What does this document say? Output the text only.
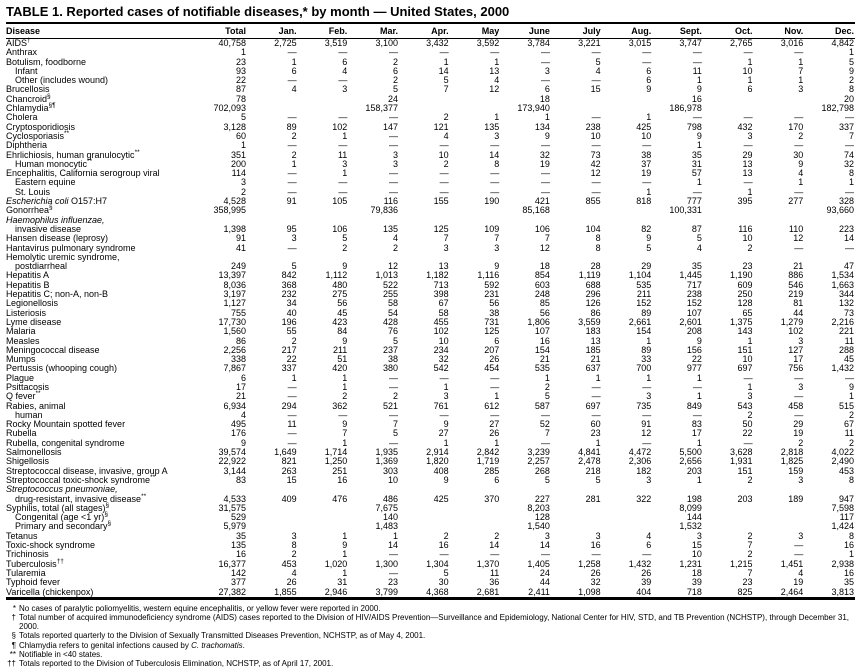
TABLE 1. Reported cases of notifiable diseases,* by month — United States, 2000
Disease	Total	Jan.	Feb.	Mar.	Apr.	May	June	July	Aug.	Sept.	Oct.	Nov.	Dec.
AIDS†	40,758	2,725	3,519	3,100	3,432	3,592	3,784	3,221	3,015	3,747	2,765	3,016	4,842
Anthrax	1	—	—	—	—	—	—	—	—	—	—	—	1
Botulism, foodborne	23	1	6	2	1	1	—	5	—	—	1	1	5
Infant	93	6	4	6	14	13	3	4	6	11	10	7	9
Other (includes wound)	22	—	—	2	5	4	—	—	6	1	1	1	2
Brucellosis	87	4	3	5	7	12	6	15	9	9	6	3	8
Chancroid§	78			24			18			16			20
Chlamydia§¶	702,093			158,377			173,940			186,978			182,798
Cholera	5	—	—	—	2	1	1	—	1	—	—	—	—
Cryptosporidiosis	3,128	89	102	147	121	135	134	238	425	798	432	170	337
Cyclosporiasis**	60	2	1	—	4	3	9	10	10	9	3	2	7
Diphtheria	1	—	—	—	—	—	—	—	—	1	—	—	—
Ehrlichiosis, human granulocytic**	351	2	11	3	10	14	32	73	38	35	29	30	74
Human monocytic**	200	1	3	3	2	8	19	42	37	31	13	9	32
Encephalitis, California serogroup viral	114	—	1	—	—	—	—	12	19	57	13	4	8
Eastern equine	3	—	—	—	—	—	—	—	—	1	—	1	1
St. Louis	2	—	—	—	—	—	—	—	1	—	1	—	—
Escherichia coli O157:H7	4,528	91	105	116	155	190	421	855	818	777	395	277	328
Gonorrhea§	358,995			79,836			85,168			100,331			93,660
Haemophilus influenzae,													
invasive disease	1,398	95	106	135	125	109	106	104	82	87	116	110	223
Hansen disease (leprosy)	91	3	5	4	7	7	7	8	9	5	10	12	14
Hantavirus pulmonary syndrome	41	—	2	2	3	3	12	8	5	4	2	—	—
Hemolytic uremic syndrome,													
postdiarrheal	249	5	9	12	13	9	18	28	29	35	23	21	47
Hepatitis A	13,397	842	1,112	1,013	1,182	1,116	854	1,119	1,104	1,445	1,190	886	1,534
Hepatitis B	8,036	368	480	522	713	592	603	688	535	717	609	546	1,663
Hepatitis C; non-A, non-B	3,197	232	275	255	398	231	248	296	211	238	250	219	344
Legionellosis	1,127	34	56	58	67	56	85	126	152	152	128	81	132
Listeriosis	755	40	45	54	58	38	56	86	89	107	65	44	73
Lyme disease	17,730	196	423	428	455	731	1,806	3,559	2,661	2,601	1,375	1,279	2,216
Malaria	1,560	55	84	76	102	125	107	183	154	208	143	102	221
Measles	86	2	9	5	10	6	16	13	1	9	1	3	11
Meningococcal disease	2,256	217	211	237	234	207	154	185	89	156	151	127	288
Mumps	338	22	51	38	32	26	21	21	33	22	10	17	45
Pertussis (whooping cough)	7,867	337	420	380	542	454	535	637	700	977	697	756	1,432
Plague	6	1	1	—	—	—	1	1	1	1	—	—	—
Psittacosis	17	—	1	—	1	—	2	—	—	—	1	3	9
Q fever**	21	—	2	2	3	1	5	—	3	1	3	—	1
Rabies, animal	6,934	294	362	521	761	612	587	697	735	849	543	458	515
human	4	—	—	—	—	—	—	—	—	—	2	—	2
Rocky Mountain spotted fever	495	11	9	7	9	27	52	60	91	83	50	29	67
Rubella	176	—	7	5	27	26	7	23	12	17	22	19	11
Rubella, congenital syndrome	9	—	1	—	1	1	—	1	—	1	—	2	2
Salmonellosis	39,574	1,649	1,714	1,935	2,914	2,842	3,239	4,841	4,472	5,500	3,628	2,818	4,022
Shigellosis	22,922	821	1,250	1,369	1,820	1,719	2,257	2,478	2,306	2,656	1,931	1,825	2,490
Streptococcal disease, invasive, group A	3,144	263	251	303	408	285	268	218	182	203	151	159	453
Streptococcal toxic-shock syndrome**	83	15	16	10	9	6	5	5	3	1	2	3	8
Streptococcus pneumoniae,													
drug-resistant, invasive disease**	4,533	409	476	486	425	370	227	281	322	198	203	189	947
Syphilis, total (all stages)§	31,575			7,675			8,203			8,099			7,598
Congenital (age <1 yr)§	529			140			128			144			117
Primary and secondary§	5,979			1,483			1,540			1,532			1,424
Tetanus	35	3	1	1	2	2	3	3	4	3	2	3	8
Toxic-shock syndrome	135	8	9	14	16	14	14	16	6	15	7	—	16
Trichinosis	16	2	1	—	—	—	—	—	—	10	2	—	1
Tuberculosis††	16,377	453	1,020	1,300	1,304	1,370	1,405	1,258	1,432	1,231	1,215	1,451	2,938
Tularemia	142	4	1	—	5	11	24	26	26	18	7	4	16
Typhoid fever	377	26	31	23	30	36	44	32	39	39	23	19	35
Varicella (chickenpox)	27,382	1,855	2,946	3,799	4,368	2,681	2,411	1,098	404	718	825	2,464	3,813
* No cases of paralytic poliomyelitis, western equine encephalitis, or yellow fever were reported in 2000.
† Total number of acquired immunodeficiency syndrome (AIDS) cases reported to the Division of HIV/AIDS Prevention—Surveillance and Epidemiology, National Center for HIV, STD, and TB Prevention (NCHSTP), through December 31, 2000.
§ Totals reported quarterly to the Division of Sexually Transmitted Diseases Prevention, NCHSTP, as of May 4, 2001.
¶ Chlamydia refers to genital infections caused by C. trachomatis.
** Notifiable in <40 states.
†† Totals reported to the Division of Tuberculosis Elimination, NCHSTP, as of April 17, 2001.
